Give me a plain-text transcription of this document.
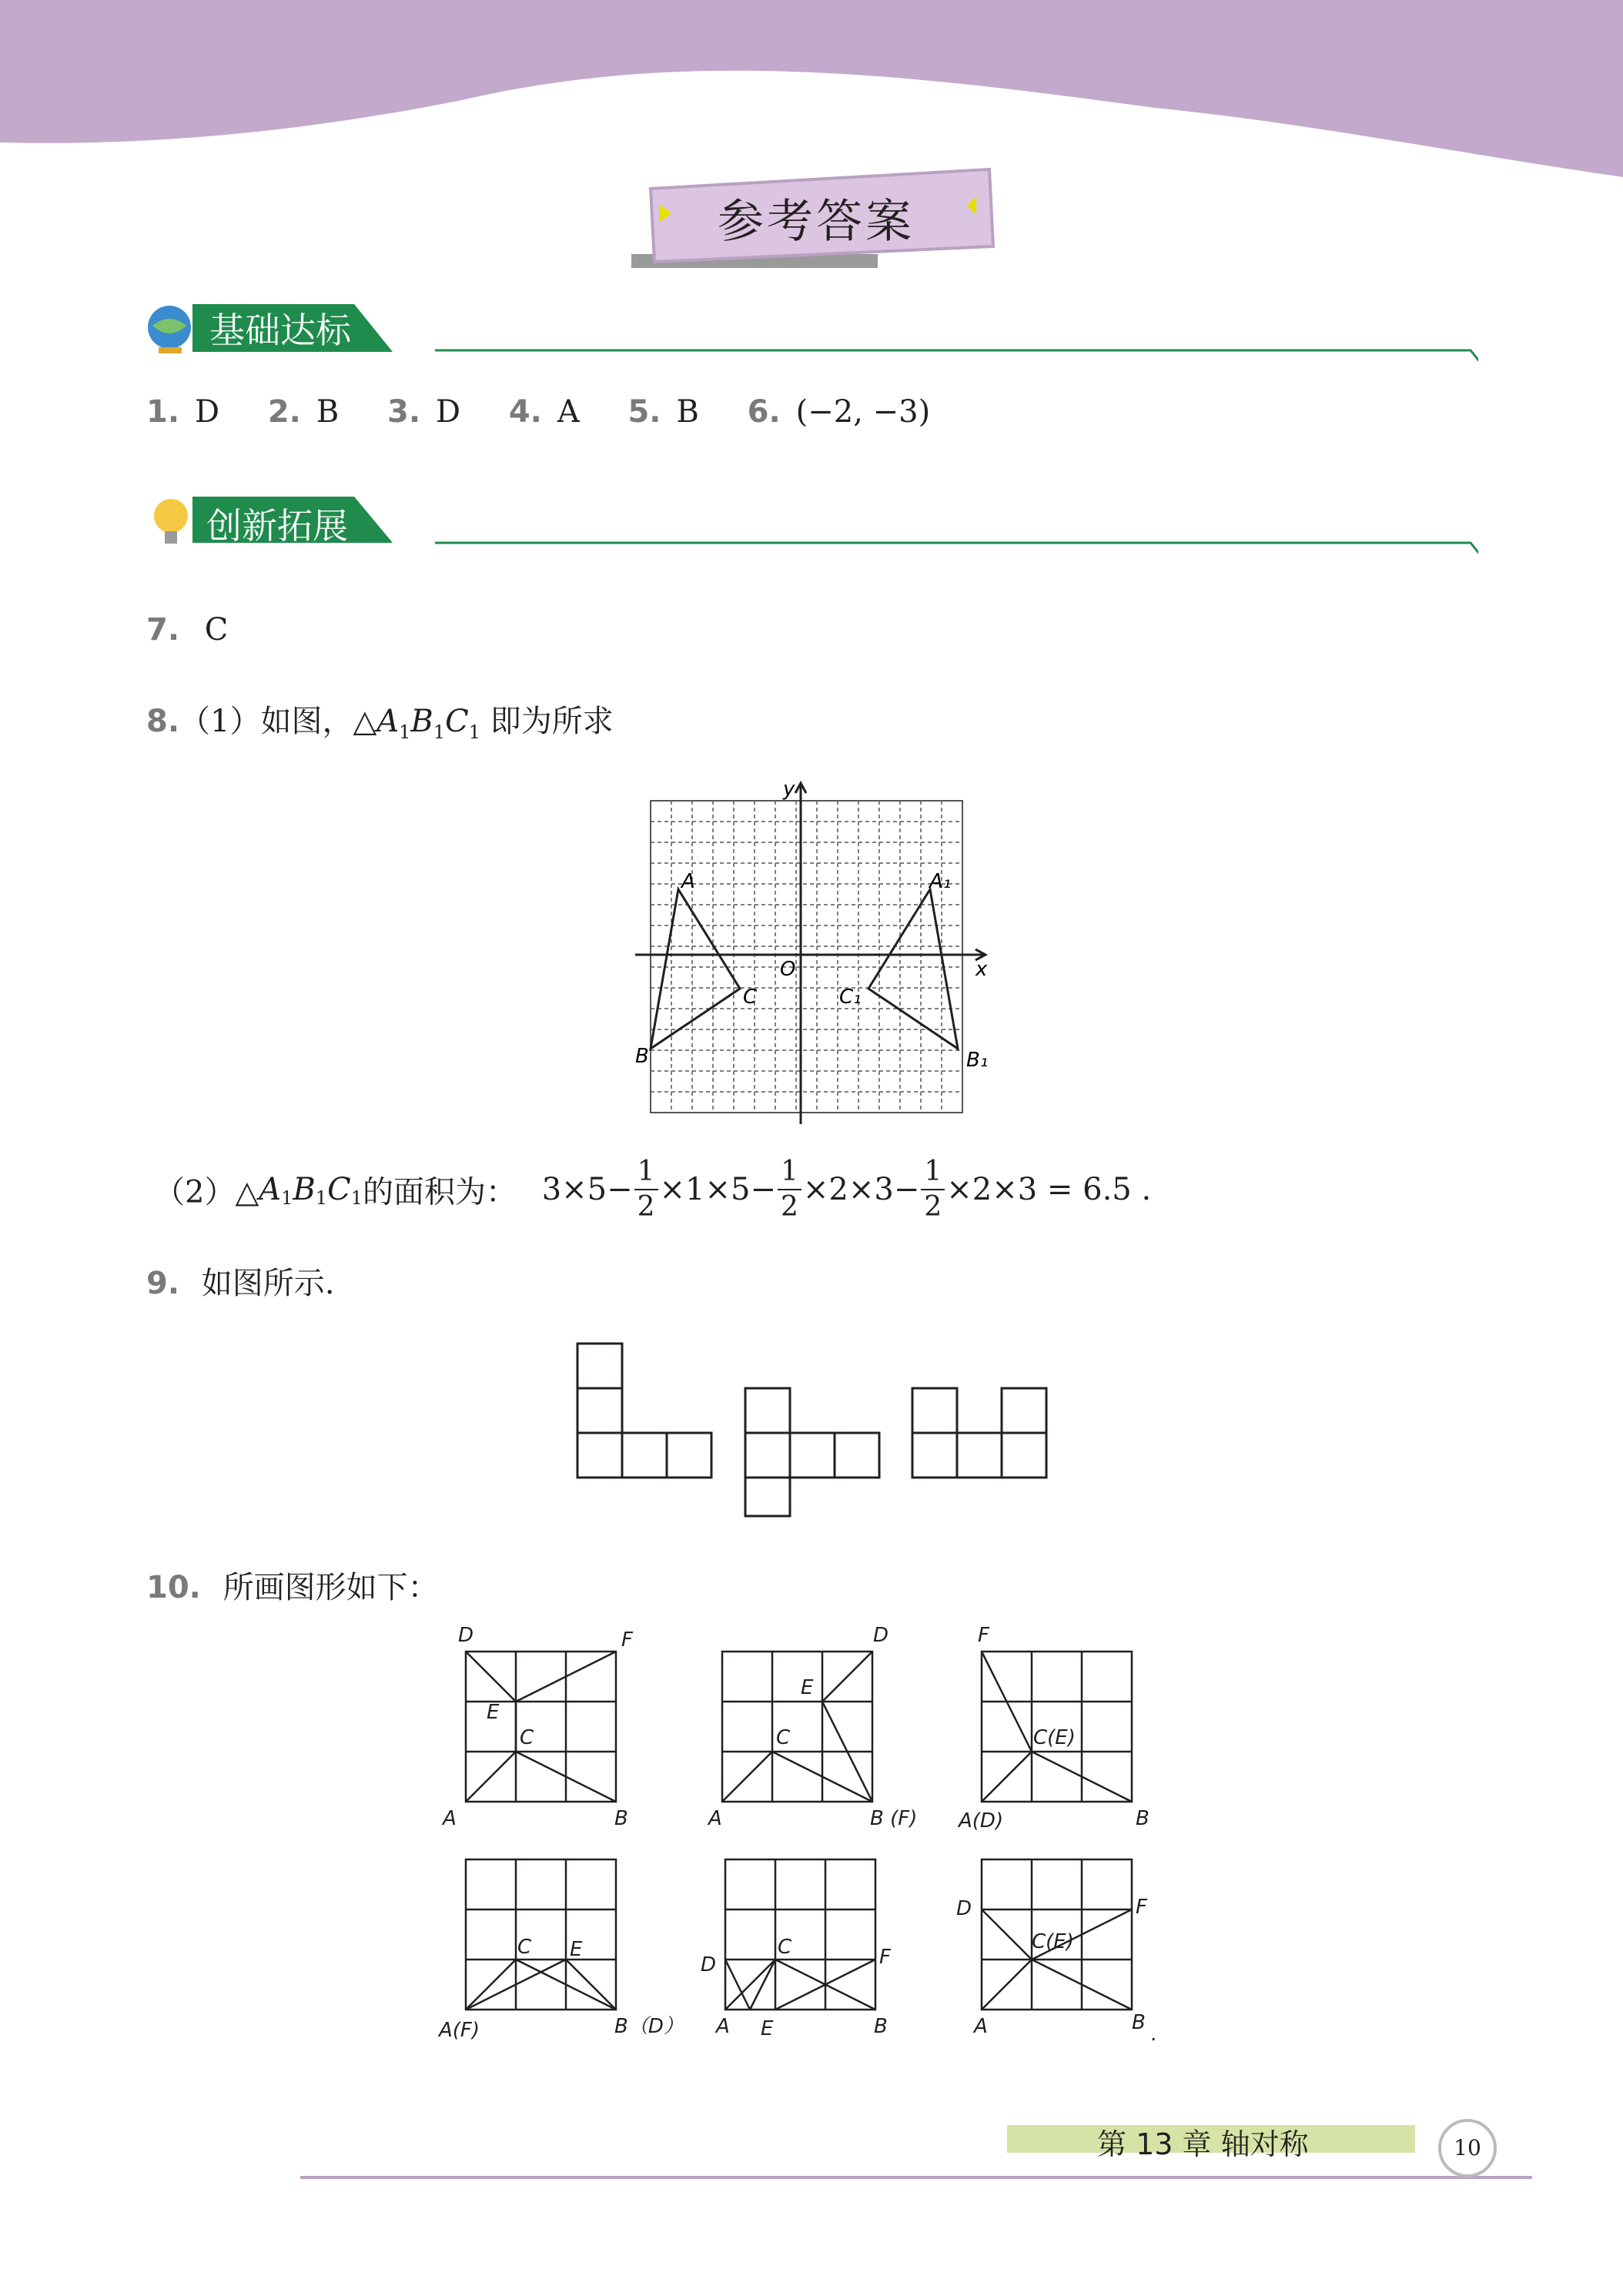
参考答案
基础达标
1. D 2. B 3. D 4. A 5. B 6. (−2, −3)
创新拓展
7. C
8.（1）如图，$\triangle A_1B_1C_1$ 即为所求
y
x
O
A
B
C
A₁
B₁
C₁
$(2)\triangle A_1B_1C_1$的面积为： $3\times 5- \frac{1}{2} \times 1\times 5- \frac{1}{2} \times 2\times 3- \frac{1}{2} \times 2\times 3 = 6.5$ .
9. 如图所示.
10. 所画图形如下：
D	F
E
C
A	B
D
E
C
A	B (F)
F
C(E)
A(D)	B
C E
A(F)	B（D）
C
D	F
A E	B
D	F
C(E)
A	B .
第 13 章 轴对称	10
